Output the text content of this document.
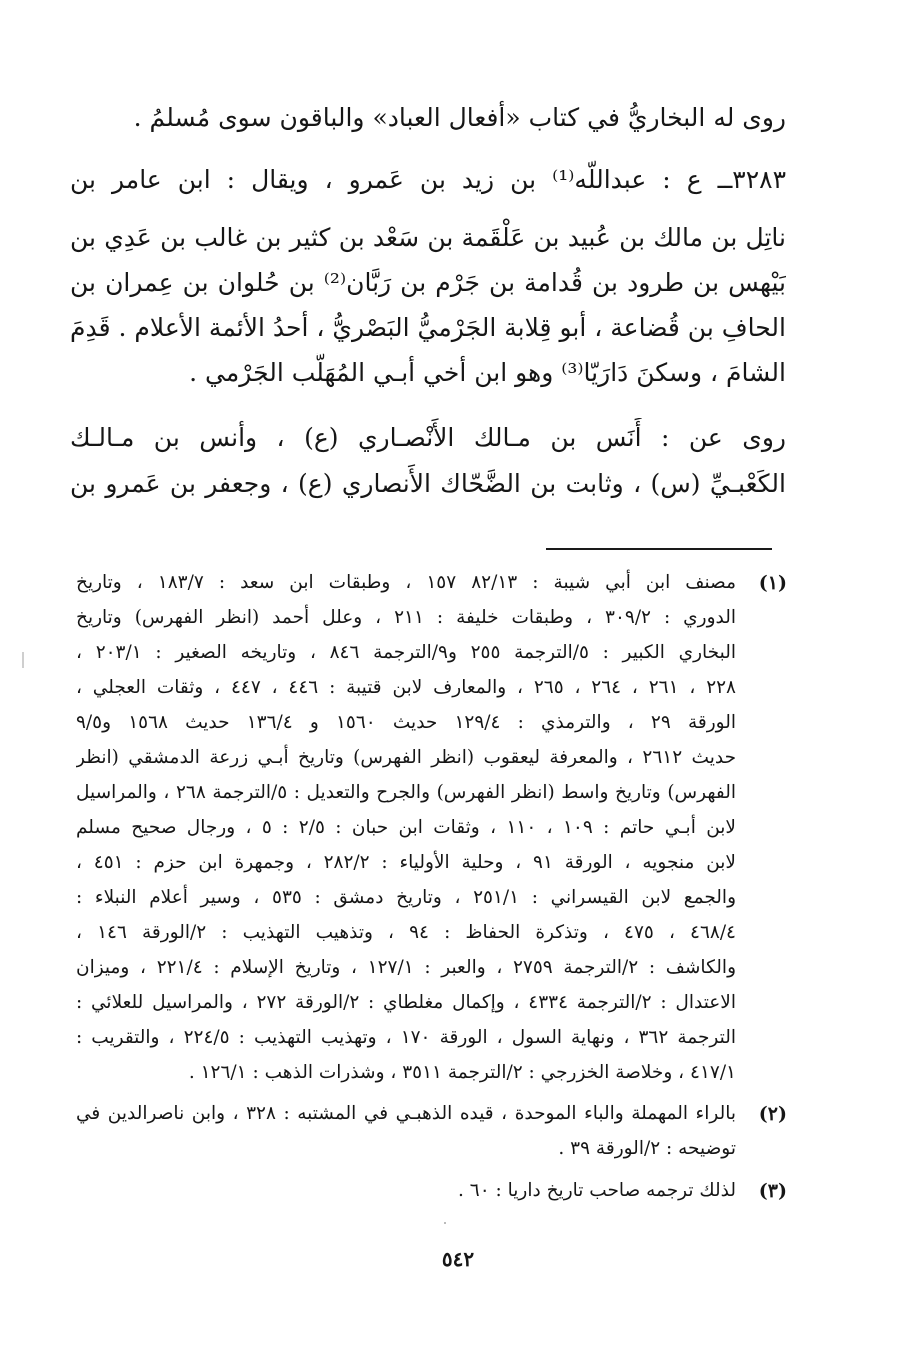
روى له البخاريُّ في كتاب «أفعال العباد» والباقون سوى مُسلمُ .
٣٢٨٣ــ ع : عبداللّه⁽¹⁾ بن زيد بن عَمرو ، ويقال : ابن عامر بن
ناتِل بن مالك بن عُبيد بن عَلْقَمة بن سَعْد بن كثير بن غالب بن عَدِي بن
بَيْهس بن طرود بن قُدامة بن جَرْم بن رَبَّان⁽²⁾ بن حُلوان بن عِمران بن
الحافِ بن قُضاعة ، أبو قِلابة الجَرْميُّ البَصْريُّ ، أحدُ الأئمة الأعلام . قَدِمَ
الشامَ ، وسكنَ دَارَيّا⁽³⁾ وهو ابن أخي أبـي المُهَلَّب الجَرْمي .
روى عن : أَنَس بن مـالك الأَنْصـاري (ع) ، وأنس بن مـالـك
الكَعْبـيِّ (س) ، وثابت بن الضَّحّاك الأَنصاري (ع) ، وجعفر بن عَمرو بن
(١)
مصنف ابن أبي شيبة : ٨٢/١٣ ١٥٧ ، وطبقات ابن سعد : ١٨٣/٧ ، وتاريخ
الدوري : ٣٠٩/٢ ، وطبقات خليفة : ٢١١ ، وعلل أحمد (انظر الفهرس) وتاريخ
البخاري الكبير : ٥/الترجمة ٢٥٥ و٩/الترجمة ٨٤٦ ، وتاريخه الصغير : ٢٠٣/١ ،
٢٢٨ ، ٢٦١ ، ٢٦٤ ، ٢٦٥ ، والمعارف لابن قتيبة : ٤٤٦ ، ٤٤٧ ، وثقات العجلي ،
الورقة ٢٩ ، والترمذي : ١٢٩/٤ حديث ١٥٦٠ و ١٣٦/٤ حديث ١٥٦٨ و٩/٥
حديث ٢٦١٢ ، والمعرفة ليعقوب (انظر الفهرس) وتاريخ أبـي زرعة الدمشقي (انظر
الفهرس) وتاريخ واسط (انظر الفهرس) والجرح والتعديل : ٥/الترجمة ٢٦٨ ، والمراسيل
لابن أبـي حاتم : ١٠٩ ، ١١٠ ، وثقات ابن حبان : ٢/٥ : ٥ ، ورجال صحيح مسلم
لابن منجويه ، الورقة ٩١ ، وحلية الأولياء : ٢٨٢/٢ ، وجمهرة ابن حزم : ٤٥١ ،
والجمع لابن القيسراني : ٢٥١/١ ، وتاريخ دمشق : ٥٣٥ ، وسير أعلام النبلاء :
٤٦٨/٤ ، ٤٧٥ ، وتذكرة الحفاظ : ٩٤ ، وتذهيب التهذيب : ٢/الورقة ١٤٦ ،
والكاشف : ٢/الترجمة ٢٧٥٩ ، والعبر : ١٢٧/١ ، وتاريخ الإسلام : ٢٢١/٤ ، وميزان
الاعتدال : ٢/الترجمة ٤٣٣٤ ، وإكمال مغلطاي : ٢/الورقة ٢٧٢ ، والمراسيل للعلائي :
الترجمة ٣٦٢ ، ونهاية السول ، الورقة ١٧٠ ، وتهذيب التهذيب : ٢٢٤/٥ ، والتقريب :
٤١٧/١ ، وخلاصة الخزرجي : ٢/الترجمة ٣٥١١ ، وشذرات الذهب : ١٢٦/١ .
(٢)
بالراء المهملة والباء الموحدة ، قيده الذهبـي في المشتبه : ٣٢٨ ، وابن ناصرالدين في
توضيحه : ٢/الورقة ٣٩ .
(٣)
لذلك ترجمه صاحب تاريخ داريا : ٦٠ .
٥٤٢
